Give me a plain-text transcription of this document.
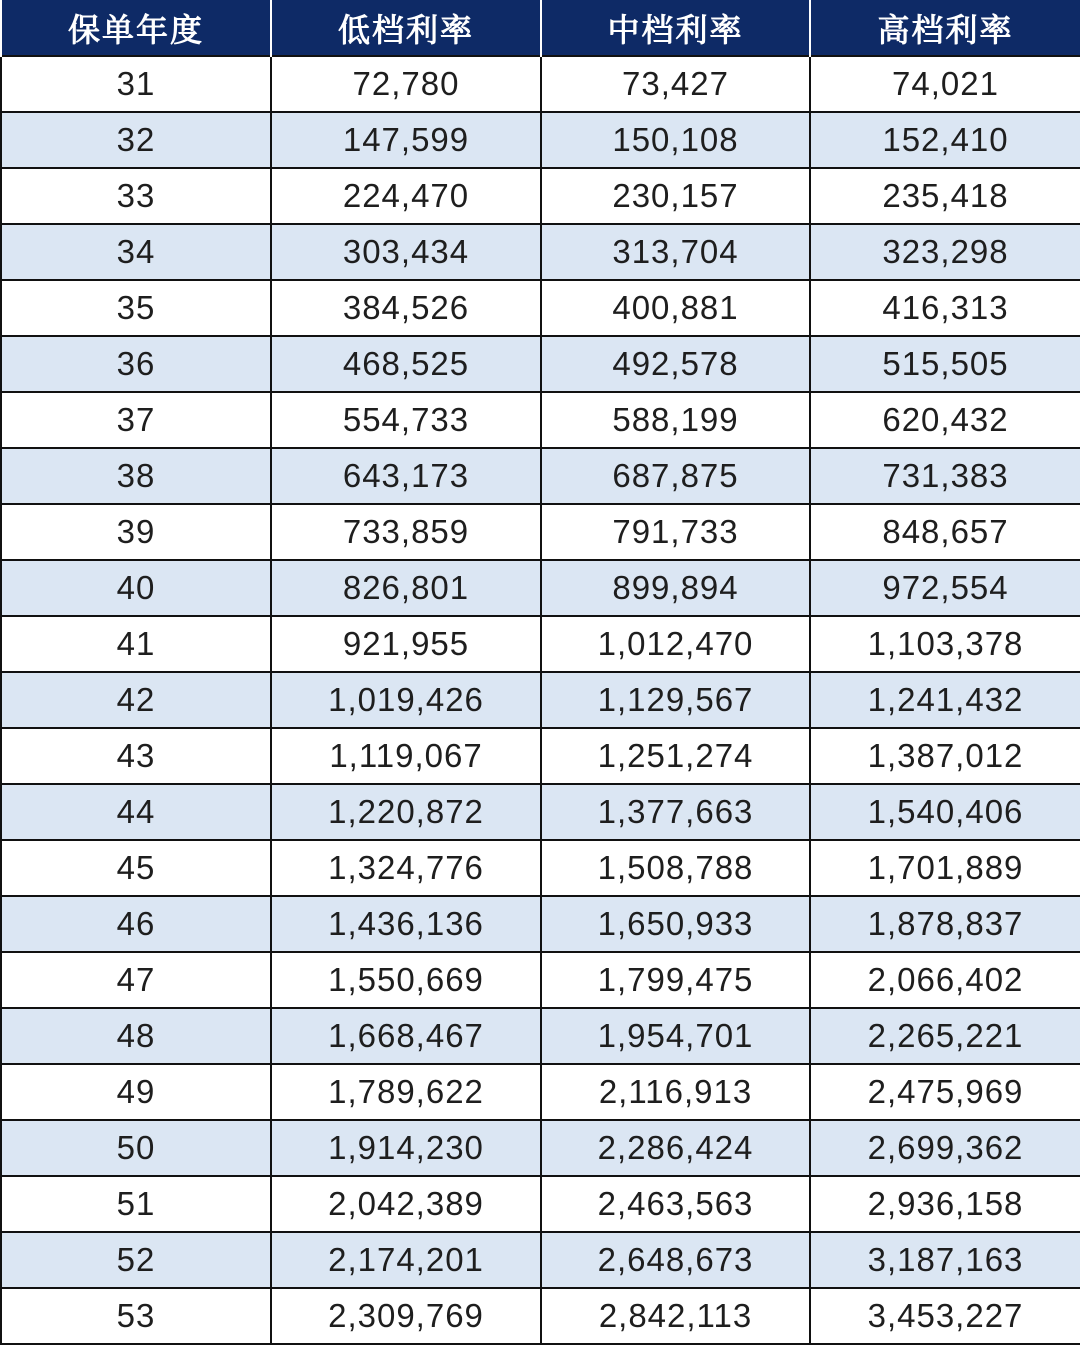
保单年度	低档利率	中档利率	高档利率
31	72,780	73,427	74,021
32	147,599	150,108	152,410
33	224,470	230,157	235,418
34	303,434	313,704	323,298
35	384,526	400,881	416,313
36	468,525	492,578	515,505
37	554,733	588,199	620,432
38	643,173	687,875	731,383
39	733,859	791,733	848,657
40	826,801	899,894	972,554
41	921,955	1,012,470	1,103,378
42	1,019,426	1,129,567	1,241,432
43	1,119,067	1,251,274	1,387,012
44	1,220,872	1,377,663	1,540,406
45	1,324,776	1,508,788	1,701,889
46	1,436,136	1,650,933	1,878,837
47	1,550,669	1,799,475	2,066,402
48	1,668,467	1,954,701	2,265,221
49	1,789,622	2,116,913	2,475,969
50	1,914,230	2,286,424	2,699,362
51	2,042,389	2,463,563	2,936,158
52	2,174,201	2,648,673	3,187,163
53	2,309,769	2,842,113	3,453,227
